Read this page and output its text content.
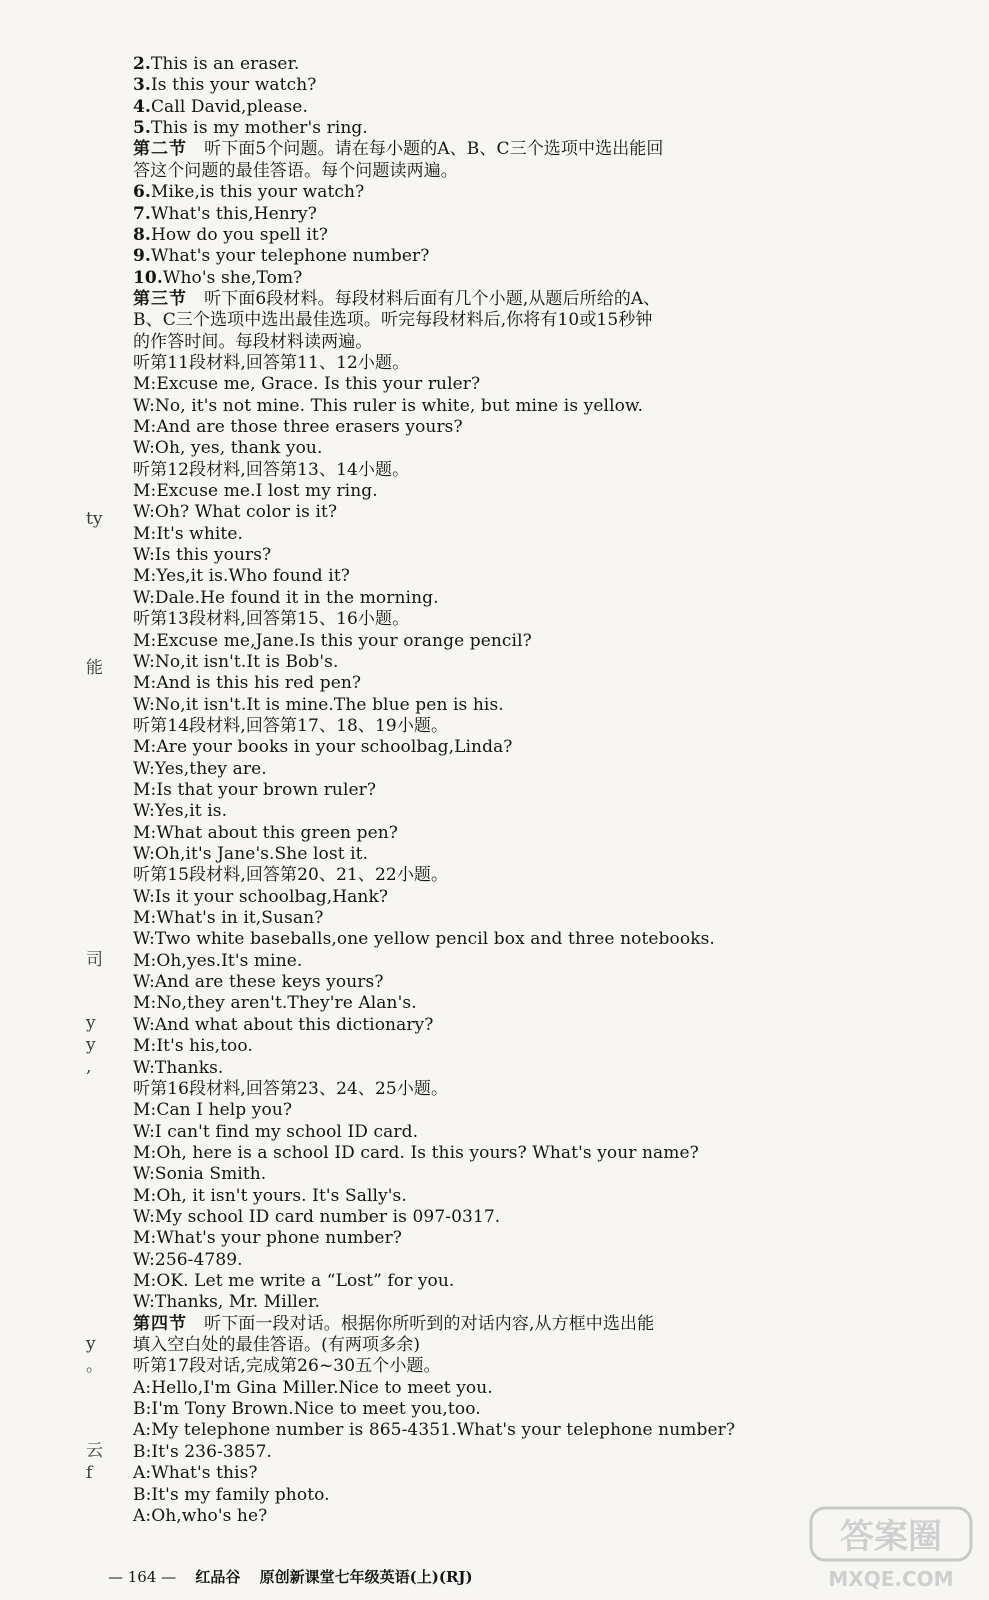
2.This is an eraser.

3.Is this your watch?

4.Call David,please.

5.This is my mother's ring.

第二节  听下面5个问题。请在每小题的A、B、C三个选项中选出能回

答这个问题的最佳答语。每个问题读两遍。

6.Mike,is this your watch?

7.What's this,Henry?

8.How do you spell it?

9.What's your telephone number?

10.Who's she,Tom?

第三节  听下面6段材料。每段材料后面有几个小题,从题后所给的A、

B、C三个选项中选出最佳选项。听完每段材料后,你将有10或15秒钟

的作答时间。每段材料读两遍。

听第11段材料,回答第11、12小题。

M:Excuse me, Grace. Is this your ruler?

W:No, it's not mine. This ruler is white, but mine is yellow.

M:And are those three erasers yours?

W:Oh, yes, thank you.

听第12段材料,回答第13、14小题。

M:Excuse me.I lost my ring.

W:Oh? What color is it?

M:It's white.

W:Is this yours?

M:Yes,it is.Who found it?

W:Dale.He found it in the morning.

听第13段材料,回答第15、16小题。

M:Excuse me,Jane.Is this your orange pencil?

W:No,it isn't.It is Bob's.

M:And is this his red pen?

W:No,it isn't.It is mine.The blue pen is his.

听第14段材料,回答第17、18、19小题。

M:Are your books in your schoolbag,Linda?

W:Yes,they are.

M:Is that your brown ruler?

W:Yes,it is.

M:What about this green pen?

W:Oh,it's Jane's.She lost it.

听第15段材料,回答第20、21、22小题。

W:Is it your schoolbag,Hank?

M:What's in it,Susan?

W:Two white baseballs,one yellow pencil box and three notebooks.

M:Oh,yes.It's mine.

W:And are these keys yours?

M:No,they aren't.They're Alan's.

W:And what about this dictionary?

M:It's his,too.

W:Thanks.

听第16段材料,回答第23、24、25小题。

M:Can I help you?

W:I can't find my school ID card.

M:Oh, here is a school ID card. Is this yours? What's your name?

W:Sonia Smith.

M:Oh, it isn't yours. It's Sally's.

W:My school ID card number is 097-0317.

M:What's your phone number?

W:256-4789.

M:OK. Let me write a “Lost” for you.

W:Thanks, Mr. Miller.

第四节  听下面一段对话。根据你所听到的对话内容,从方框中选出能

填入空白处的最佳答语。(有两项多余)

听第17段对话,完成第26~30五个小题。

A:Hello,I'm Gina Miller.Nice to meet you.

B:I'm Tony Brown.Nice to meet you,too.

A:My telephone number is 865-4351.What's your telephone number?

B:It's 236-3857.

A:What's this?

B:It's my family photo.

A:Oh,who's he?

ty

能

司

y

y

,

y

。

云

f

— 164 — 红品谷 原创新课堂七年级英语(上)(RJ)
答案圈
MXQE.COM
